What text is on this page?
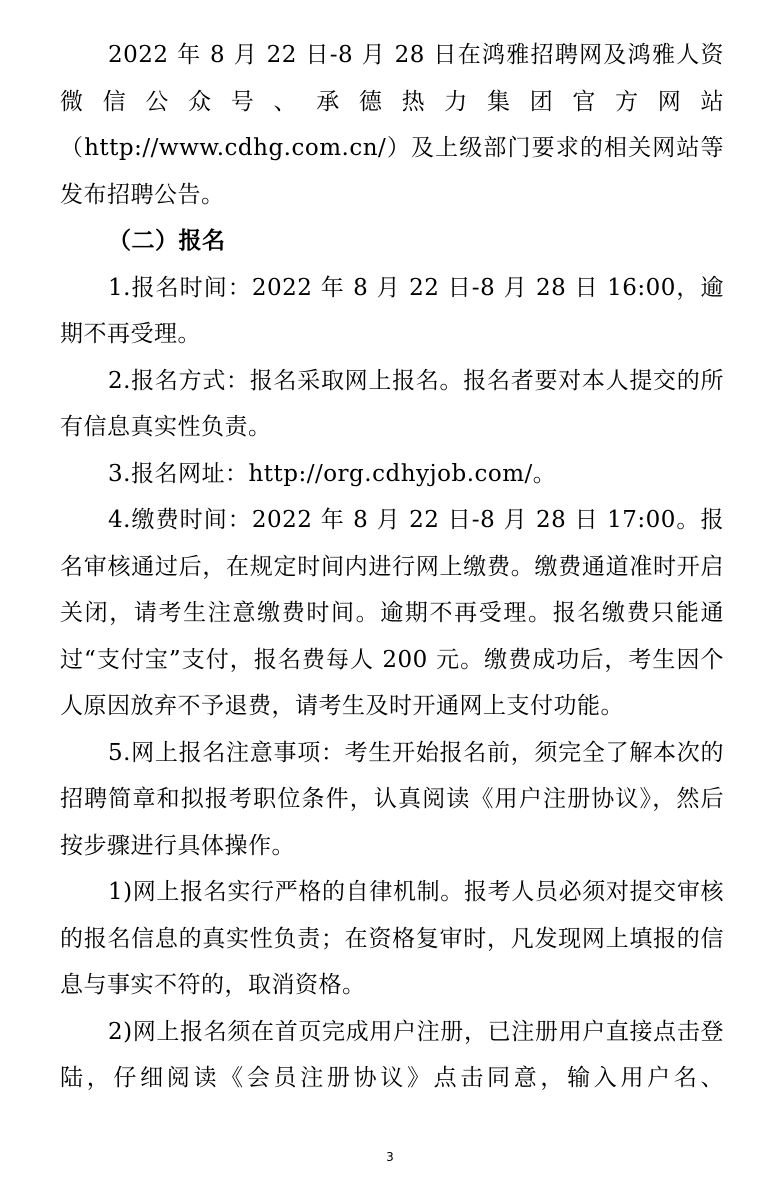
2022 年 8 月 22 日-8 月 28 日在鸿雅招聘网及鸿雅人资微信公众号、承德热力集团官方网站（http://www.cdhg.com.cn/）及上级部门要求的相关网站等发布招聘公告。

（二）报名

1.报名时间：2022 年 8 月 22 日-8 月 28 日 16:00，逾期不再受理。

2.报名方式：报名采取网上报名。报名者要对本人提交的所有信息真实性负责。

3.报名网址：http://org.cdhyjob.com/。

4.缴费时间：2022 年 8 月 22 日-8 月 28 日 17:00。报名审核通过后，在规定时间内进行网上缴费。缴费通道准时开启关闭，请考生注意缴费时间。逾期不再受理。报名缴费只能通过“支付宝”支付，报名费每人 200 元。缴费成功后，考生因个人原因放弃不予退费，请考生及时开通网上支付功能。

5.网上报名注意事项：考生开始报名前，须完全了解本次的招聘简章和拟报考职位条件，认真阅读《用户注册协议》，然后按步骤进行具体操作。

1)网上报名实行严格的自律机制。报考人员必须对提交审核的报名信息的真实性负责；在资格复审时，凡发现网上填报的信息与事实不符的，取消资格。

2)网上报名须在首页完成用户注册，已注册用户直接点击登陆，仔细阅读《会员注册协议》点击同意，输入用户名、

3
